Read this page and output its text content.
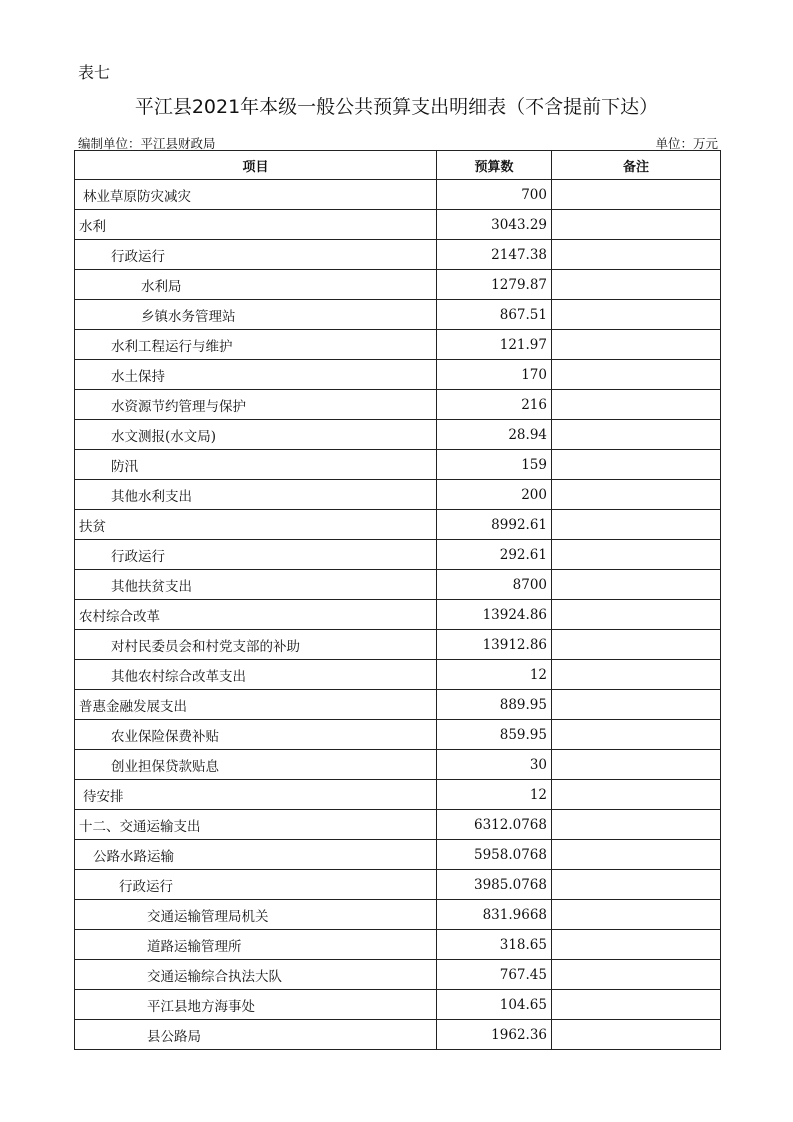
表七
平江县2021年本级一般公共预算支出明细表（不含提前下达）
编制单位：平江县财政局	单位：万元
项目	预算数	备注
林业草原防灾减灾	700	
水利	3043.29	
行政运行	2147.38	
水利局	1279.87	
乡镇水务管理站	867.51	
水利工程运行与维护	121.97	
水土保持	170	
水资源节约管理与保护	216	
水文测报(水文局)	28.94	
防汛	159	
其他水利支出	200	
扶贫	8992.61	
行政运行	292.61	
其他扶贫支出	8700	
农村综合改革	13924.86	
对村民委员会和村党支部的补助	13912.86	
其他农村综合改革支出	12	
普惠金融发展支出	889.95	
农业保险保费补贴	859.95	
创业担保贷款贴息	30	
待安排	12	
十二、交通运输支出	6312.0768	
公路水路运输	5958.0768	
行政运行	3985.0768	
交通运输管理局机关	831.9668	
道路运输管理所	318.65	
交通运输综合执法大队	767.45	
平江县地方海事处	104.65	
县公路局	1962.36	
